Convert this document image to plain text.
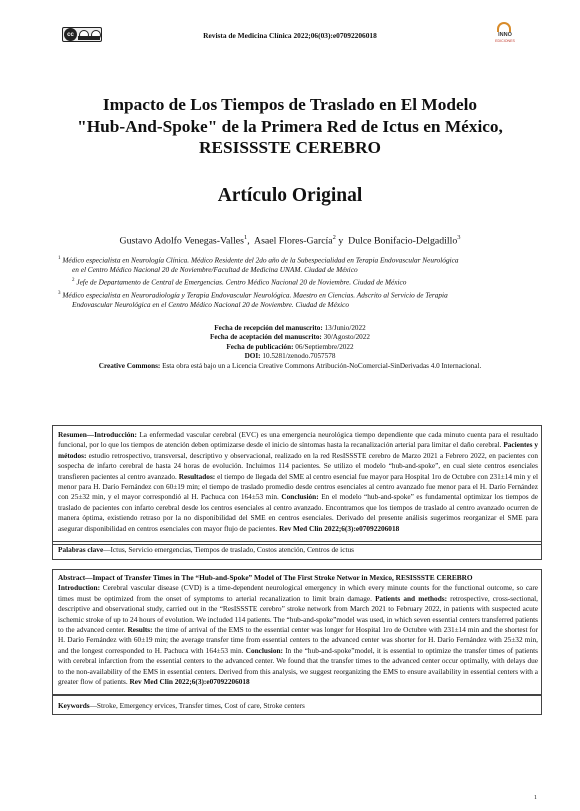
cc	Revista de Medicina Clínica 2022;06(03):e07092206018	INNO
EDICIONES
Impacto de Los Tiempos de Traslado en El Modelo
"Hub-And-Spoke" de la Primera Red de Ictus en México,
RESISSSTE CEREBRO
Artículo Original
Gustavo Adolfo Venegas-Valles$^1$,  Asael Flores-García$^2$ y  Dulce Bonifacio-Delgadillo$^3$
$^1$ Médico especialista en Neurología Clínica. Médico Residente del 2do año de la Subespecialidad en Terapia Endovascular Neurológica
en el Centro Médico Nacional 20 de Noviembre/Facultad de Medicina UNAM. Ciudad de México
$^2$ Jefe de Departamento de Central de Emergencias. Centro Médico Nacional 20 de Noviembre. Ciudad de México
$^3$ Médico especialista en Neuroradiología y Terapia Endovascular Neurológica. Maestro en Ciencias. Adscrito al Servicio de Terapia
Endovascular Neurológica en el Centro Médico Nacional 20 de Noviembre. Ciudad de México
Fecha de recepción del manuscrito: 13/Junio/2022
Fecha de aceptación del manuscrito: 30/Agosto/2022
Fecha de publicación: 06/Septiembre/2022
DOI: 10.5281/zenodo.7057578
Creative Commons: Esta obra está bajo un a Licencia Creative Commons Atribución-NoComercial-SinDerivadas 4.0 Internacional.
Resumen—Introducción: La enfermedad vascular cerebral (EVC) es una emergencia neurológica tiempo dependiente que cada minuto cuenta para el resultado funcional, por lo que los tiempos de atención deben optimizarse desde el inicio de síntomas hasta la recanalización arterial para limitar el daño cerebral. Pacientes y métodos: estudio retrospectivo, transversal, descriptivo y observacional, realizado en la red ResISSSTE cerebro de Marzo 2021 a Febrero 2022, en pacientes con sospecha de infarto cerebral de hasta 24 horas de evolución. Incluimos 114 pacientes. Se utilizo el modelo “hub-and-spoke”, en cual siete centros esenciales transfieren pacientes al centro avanzado. Resultados: el tiempo de llegada del SME al centro esencial fue mayor para Hospital 1ro de Octubre con 231±14 min y el menor para H. Darío Fernández con 60±19 min; el tiempo de traslado promedio desde centros esenciales al centro avanzado fue menor para el H. Darío Fernández con 25±32 min, y el mayor correspondió al H. Pachuca con 164±53 min. Conclusión: En el modelo “hub-and-spoke” es fundamental optimizar los tiempos de traslado de pacientes con infarto cerebral desde los centros esenciales al centro avanzado. Encontramos que los tiempos de traslado al centro avanzado ocurren de manera óptima, existiendo retraso por la no disponibilidad del SME en centros esenciales. Derivado del presente análisis sugerimos reorganizar el SME para asegurar disponibilidad en centros esenciales con mayor flujo de pacientes. Rev Med Clin 2022;6(3):e07092206018
Palabras clave—Ictus, Servicio emergencias, Tiempos de traslado, Costos atención, Centros de ictus
Abstract—Impact of Transfer Times in The “Hub-and-Spoke” Model of The First Stroke Networ in Mexico, RESISSSTE CEREBRO
Introduction: Cerebral vascular disease (CVD) is a time-dependent neurological emergency in which every minute counts for the functional outcome, so care times must be optimized from the onset of symptoms to arterial recanalization to limit brain damage. Patients and methods: retrospective, cross-sectional, descriptive and observational study, carried out in the “ResISSSTE cerebro” stroke network from March 2021 to February 2022, in patients with suspected acute ischemic stroke of up to 24 hours of evolution. We included 114 patients. The “hub-and-spoke”model was used, in which seven essential centers transferred patients to the advanced center. Results: the time of arrival of the EMS to the essential center was longer for Hospital 1ro de Octubre with 231±14 min and the shortest for H. Darío Fernández with 60±19 min; the average transfer time from essential centers to the advanced center was shorter for H. Darío Fernández with 25±32 min, and the longest corresponded to H. Pachuca with 164±53 min. Conclusion: In the “hub-and-spoke”model, it is essential to optimize the transfer times of patients with cerebral infarction from the essential centers to the advanced center. We found that the transfer times to the advanced center occur optimally, with delays due to the non-availability of the EMS in essential centers. Derived from this analysis, we suggest reorganizing the EMS to ensure availability in essential centers with a greater flow of patients. Rev Med Clin 2022;6(3):e07092206018
Keywords—Stroke, Emergency ervices, Transfer times, Cost of care, Stroke centers
1
